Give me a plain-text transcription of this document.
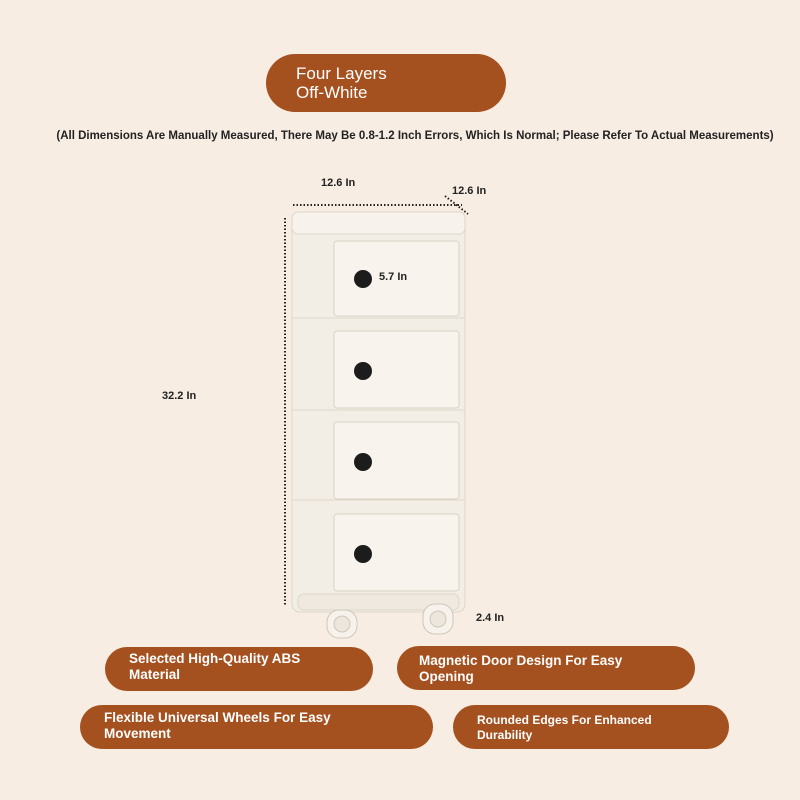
Four Layers
Off-White
(All Dimensions Are Manually Measured, There May Be 0.8-1.2 Inch Errors, Which Is Normal; Please Refer To Actual Measurements)
12.6 In
12.6 In
5.7 In
32.2 In
2.4 In
Selected High-Quality ABS
Material
Magnetic Door Design For Easy
Opening
Flexible Universal Wheels For Easy
Movement
Rounded Edges For Enhanced
Durability
